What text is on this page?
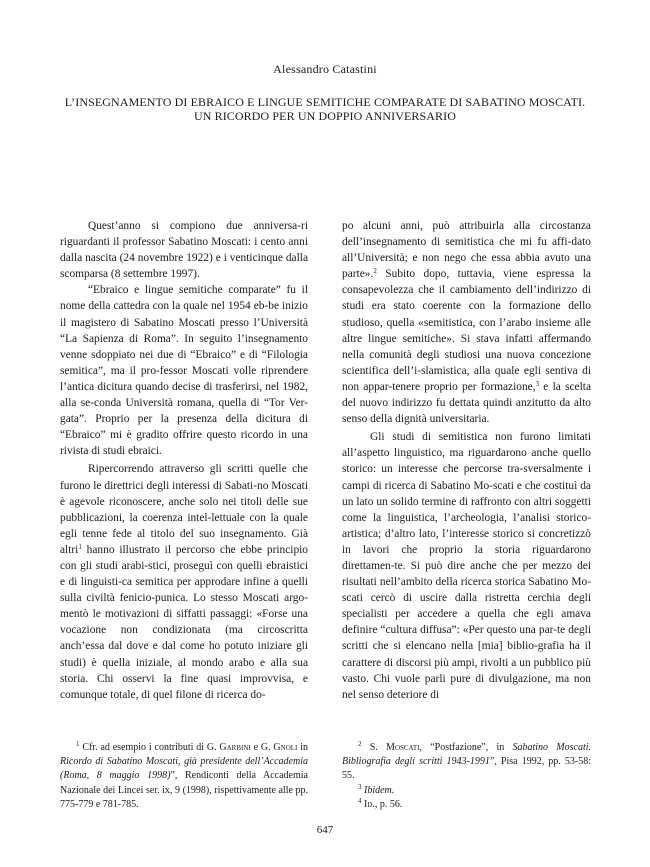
Alessandro Catastini
L’INSEGNAMENTO DI EBRAICO E LINGUE SEMITICHE COMPARATE DI SABATINO MOSCATI.
UN RICORDO PER UN DOPPIO ANNIVERSARIO

Quest’anno si compiono due anniversa-ri riguardanti il professor Sabatino Moscati: i cento anni dalla nascita (24 novembre 1922) e i venticinque dalla scomparsa (8 settembre 1997).

“Ebraico e lingue semitiche comparate” fu il nome della cattedra con la quale nel 1954 eb-be inizio il magistero di Sabatino Moscati presso l’Università “La Sapienza di Roma”. In seguito l’insegnamento venne sdoppiato nei due di “Ebraico” e di “Filologia semitica”, ma il pro-fessor Moscati volle riprendere l’antica dicitura quando decise di trasferirsi, nel 1982, alla se-conda Università romana, quella di “Tor Ver-gata”. Proprio per la presenza della dicitura di “Ebraico” mi è gradito offrire questo ricordo in una rivista di studi ebraici.

Ripercorrendo attraverso gli scritti quelle che furono le direttrici degli interessi di Sabati-no Moscati è agevole riconoscere, anche solo nei titoli delle sue pubblicazioni, la coerenza intel-lettuale con la quale egli tenne fede al titolo del suo insegnamento. Già altri$^1$ hanno illustrato il percorso che ebbe principio con gli studi arabi-stici, proseguì con quelli ebraistici e di linguisti-ca semitica per approdare infine a quelli sulla civiltà fenicio-punica. Lo stesso Moscati argo-mentò le motivazioni di siffatti passaggi: «Forse una vocazione non condizionata (ma circoscritta anch’essa dal dove e dal come ho potuto iniziare gli studi) è quella iniziale, al mondo arabo e alla sua storia. Chi osservi la fine quasi improvvisa, e comunque totale, di quel filone di ricerca do-

po alcuni anni, può attribuirla alla circostanza dell’insegnamento di semitistica che mi fu affi-dato all’Università; e non nego che essa abbia avuto una parte».$^2$ Subito dopo, tuttavia, viene espressa la consapevolezza che il cambiamento dell’indirizzo di studi era stato coerente con la formazione dello studioso, quella «semitistica, con l’arabo insieme alle altre lingue semitiche». Si stava infatti affermando nella comunità degli studiosi una nuova concezione scientifica dell’i-slamistica, alla quale egli sentiva di non appar-tenere proprio per formazione,$^3$ e la scelta del nuovo indirizzo fu dettata quindi anzitutto da alto senso della dignità universitaria.

Gli studi di semitistica non furono limitati all’aspetto linguistico, ma riguardarono anche quello storico: un interesse che percorse tra-sversalmente i campi di ricerca di Sabatino Mo-scati e che costituì da un lato un solido termine di raffronto con altri soggetti come la linguistica, l’archeologia, l’analisi storico-artistica; d’altro lato, l’interesse storico si concretizzò in lavori che proprio la storia riguardarono direttamen-te. Si può dire anche che per mezzo dei risultati nell’ambito della ricerca storica Sabatino Mo-scati cercò di uscire dalla ristretta cerchia degli specialisti per accedere a quella che egli amava definire “cultura diffusa”: «Per questo una par-te degli scritti che si elencano nella [mia] biblio-grafia ha il carattere di discorsi più ampi, rivolti a un pubblico più vasto. Chi vuole parli pure di divulgazione, ma non nel senso deteriore di

$^1$ Cfr. ad esempio i contributi di G. Garbini e G. Gnoli in Ricordo di Sabatino Moscati, già presidente dell’Accademia (Roma, 8 maggio 1998)”, Rendiconti della Accademia Nazionale dei Lincei ser. ix, 9 (1998), rispettivamente alle pp. 775-779 e 781-785.

$^2$ S. Moscati, “Postfazione”, in Sabatino Moscati. Bibliografia degli scritti 1943-1991”, Pisa 1992, pp. 53-58: 55.

$^3$ Ibidem.

$^4$ Id., p. 56.

647
